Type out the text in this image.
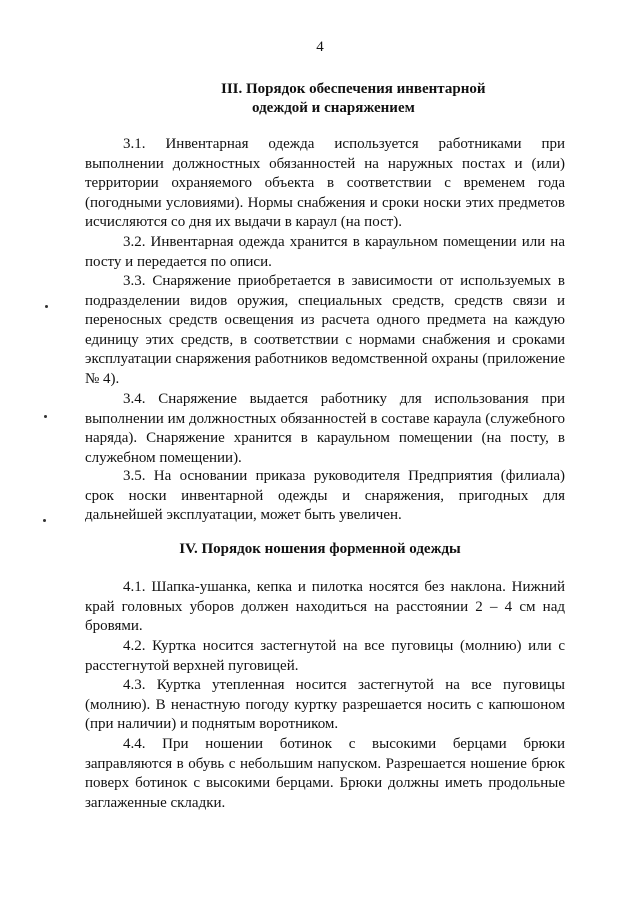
4
III. Порядок обеспечения инвентарной
одеждой и снаряжением

3.1. Инвентарная одежда используется работниками при выполнении должностных обязанностей на наружных постах и (или) территории охраняемого объекта в соответствии с временем года (погодными условиями). Нормы снабжения и сроки носки этих предметов исчисляются со дня их выдачи в караул (на пост).

3.2. Инвентарная одежда хранится в караульном помещении или на посту и передается по описи.

3.3. Снаряжение приобретается в зависимости от используемых в подразделении видов оружия, специальных средств, средств связи и переносных средств освещения из расчета одного предмета на каждую единицу этих средств, в соответствии с нормами снабжения и сроками эксплуатации снаряжения работников ведомственной охраны (приложение № 4).

3.4. Снаряжение выдается работнику для использования при выполнении им должностных обязанностей в составе караула (служебного наряда). Снаряжение хранится в караульном помещении (на посту, в служебном помещении).

3.5. На основании приказа руководителя Предприятия (филиала) срок носки инвентарной одежды и снаряжения, пригодных для дальнейшей эксплуатации, может быть увеличен.

IV. Порядок ношения форменной одежды

4.1. Шапка-ушанка, кепка и пилотка носятся без наклона. Нижний край головных уборов должен находиться на расстоянии 2 – 4 см над бровями.

4.2. Куртка носится застегнутой на все пуговицы (молнию) или с расстегнутой верхней пуговицей.

4.3. Куртка утепленная носится застегнутой на все пуговицы (молнию). В ненастную погоду куртку разрешается носить с капюшоном (при наличии) и поднятым воротником.

4.4. При ношении ботинок с высокими берцами брюки заправляются в обувь с небольшим напуском. Разрешается ношение брюк поверх ботинок с высокими берцами. Брюки должны иметь продольные заглаженные складки.
